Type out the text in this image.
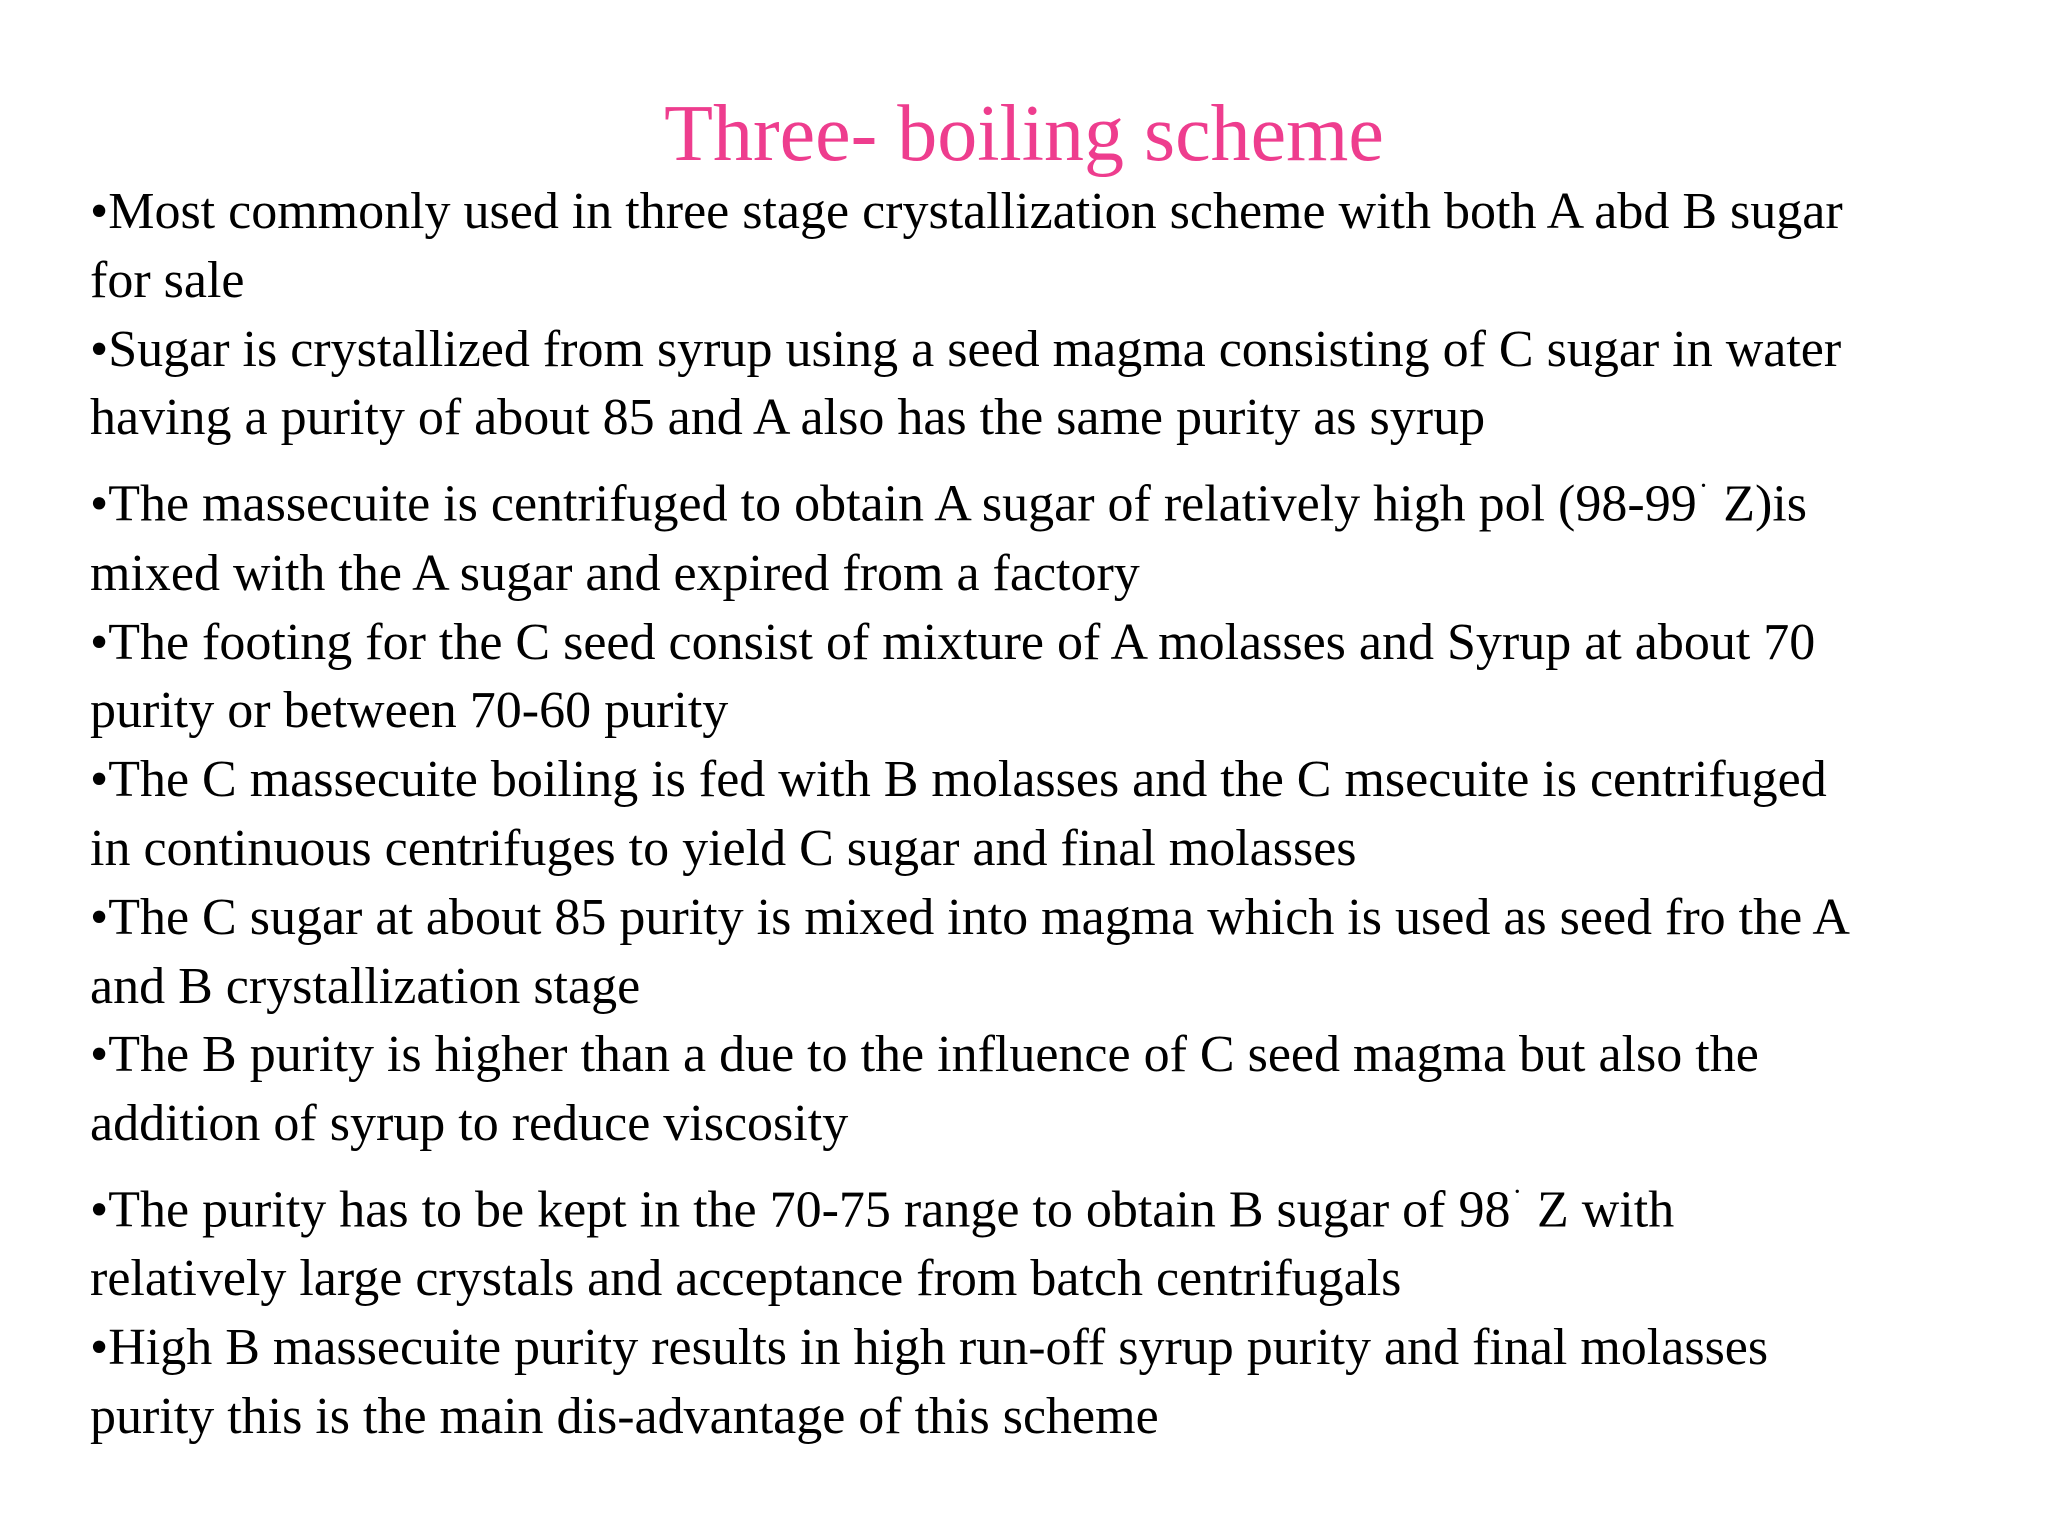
Three- boiling scheme
•Most commonly used in three stage crystallization scheme with both A abd B sugar
for sale
•Sugar is crystallized from syrup using a seed magma consisting of C sugar in water
having a purity of about 85 and A also has the same purity as syrup
•The massecuite is centrifuged to obtain A sugar of relatively high pol (98-99· Z)is
mixed with the A sugar and expired from a factory
•The footing for the C seed consist of mixture of A molasses and Syrup at about 70
purity or between 70-60 purity
•The C massecuite boiling is fed with B molasses and the C msecuite is centrifuged
in continuous centrifuges to yield C sugar and final molasses
•The C sugar at about 85 purity is mixed into magma which is used as seed fro the A
and B crystallization stage
•The B purity is higher than a due to the influence of C seed magma but also the
addition of syrup to reduce viscosity
•The purity has to be kept in the 70-75 range to obtain B sugar of 98· Z with
relatively large crystals and acceptance from batch centrifugals
•High B massecuite purity results in high run-off syrup purity and final molasses
purity this is the main dis-advantage of this scheme
